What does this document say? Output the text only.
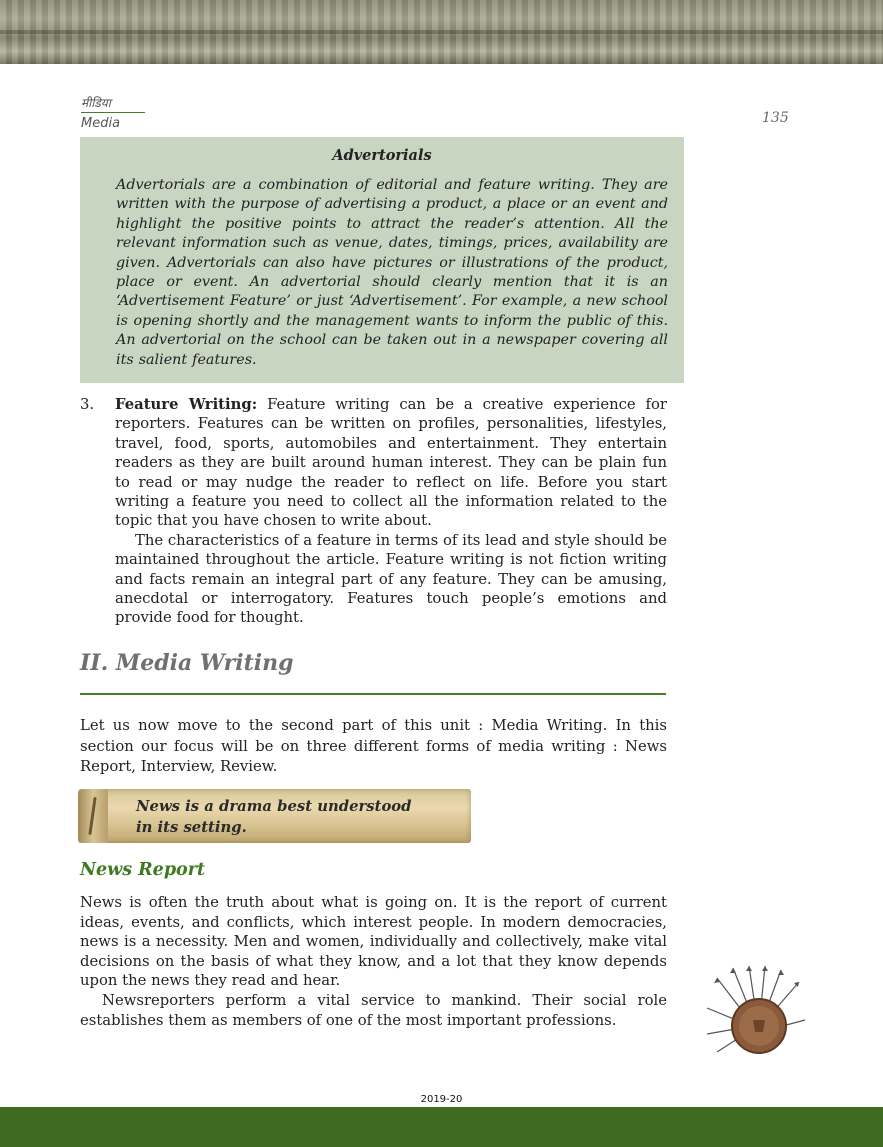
मीडिया
Media	135

Advertorials

Advertorials are a combination of editorial and feature writing. They are written with the purpose of advertising a product, a place or an event and highlight the positive points to attract the reader’s attention. All the relevant information such as venue, dates, timings, prices, availability are given. Advertorials can also have pictures or illustrations of the product, place or event. An advertorial should clearly mention that it is an ‘Advertisement Feature’ or just ‘Advertisement’. For example, a new school is opening shortly and the management wants to inform the public of this. An advertorial on the school can be taken out in a newspaper covering all its salient features.

3. Feature Writing: Feature writing can be a creative experience for reporters. Features can be written on profiles, personalities, lifestyles, travel, food, sports, automobiles and entertainment. They entertain readers as they are built around human interest. They can be plain fun to read or may nudge the reader to reflect on life. Before you start writing a feature you need to collect all the information related to the topic that you have chosen to write about.

The characteristics of a feature in terms of its lead and style should be maintained throughout the article. Feature writing is not fiction writing and facts remain an integral part of any feature. They can be amusing, anecdotal or interrogatory. Features touch people’s emotions and provide food for thought.

II. Media Writing

Let us now move to the second part of this unit : Media Writing. In this section our focus will be on three different forms of media writing : News Report, Interview, Review.

News is a drama best understood
in its setting.

News Report

News is often the truth about what is going on. It is the report of current ideas, events, and conflicts, which interest people. In modern democracies, news is a necessity. Men and women, individually and collectively, make vital decisions on the basis of what they know, and a lot that they know depends upon the news they read and hear.

Newsreporters perform a vital service to mankind. Their social role establishes them as members of one of the most important professions.

2019-20
